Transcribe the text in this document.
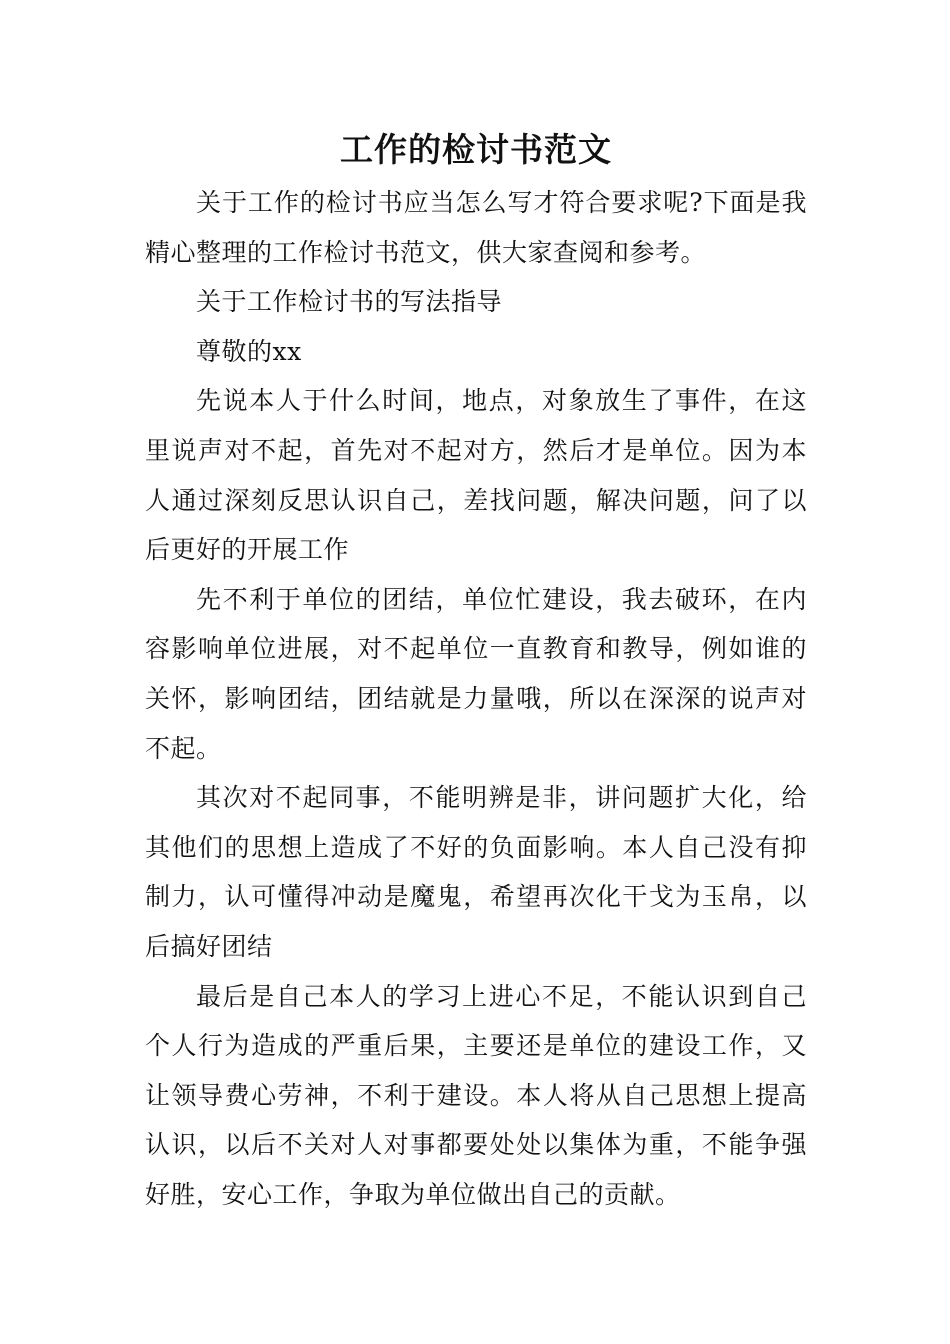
工作的检讨书范文

关于工作的检讨书应当怎么写才符合要求呢?下面是我精心整理的工作检讨书范文，供大家查阅和参考。

关于工作检讨书的写法指导

尊敬的xx

先说本人于什么时间，地点，对象放生了事件，在这里说声对不起，首先对不起对方，然后才是单位。因为本人通过深刻反思认识自己，差找问题，解决问题，问了以后更好的开展工作

先不利于单位的团结，单位忙建设，我去破环，在内容影响单位进展，对不起单位一直教育和教导，例如谁的关怀，影响团结，团结就是力量哦，所以在深深的说声对不起。

其次对不起同事，不能明辨是非，讲问题扩大化，给其他们的思想上造成了不好的负面影响。本人自己没有抑制力，认可懂得冲动是魔鬼，希望再次化干戈为玉帛，以后搞好团结

最后是自己本人的学习上进心不足，不能认识到自己个人行为造成的严重后果，主要还是单位的建设工作，又让领导费心劳神，不利于建设。本人将从自己思想上提高认识，以后不关对人对事都要处处以集体为重，不能争强好胜，安心工作，争取为单位做出自己的贡献。
